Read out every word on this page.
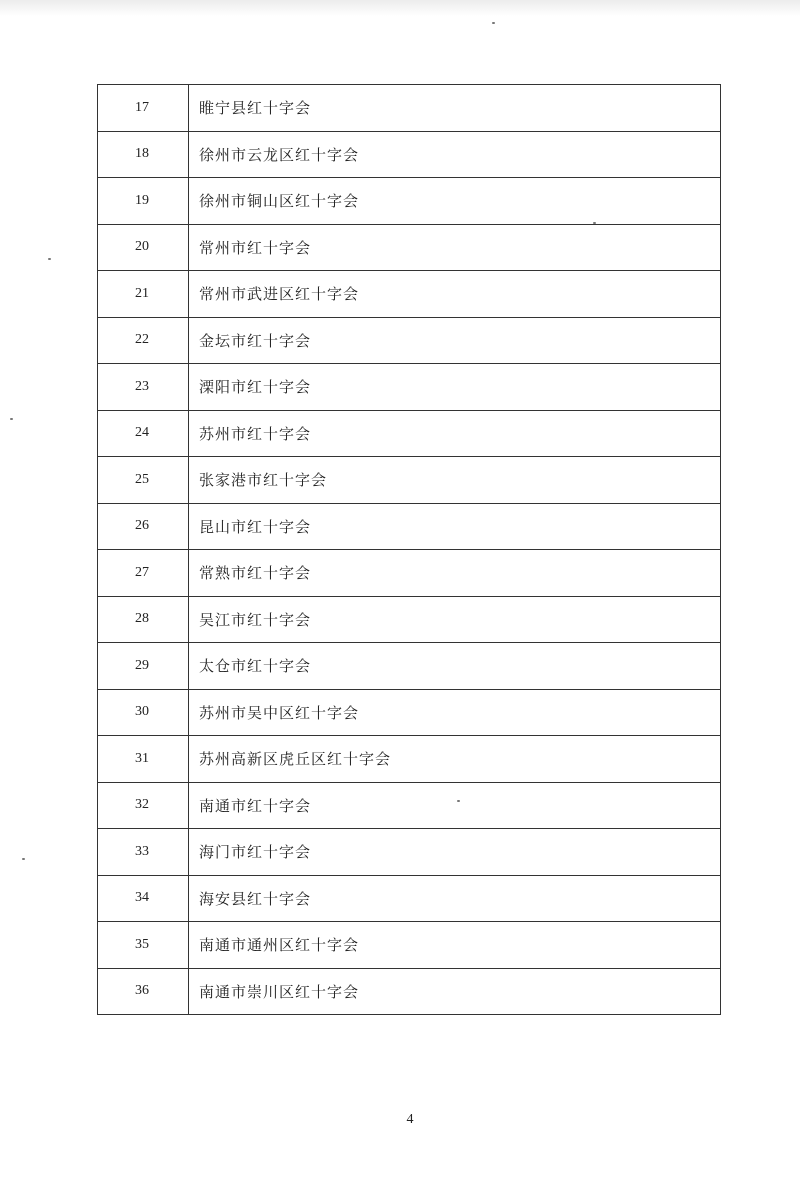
17	睢宁县红十字会
18	徐州市云龙区红十字会
19	徐州市铜山区红十字会
20	常州市红十字会
21	常州市武进区红十字会
22	金坛市红十字会
23	溧阳市红十字会
24	苏州市红十字会
25	张家港市红十字会
26	昆山市红十字会
27	常熟市红十字会
28	吴江市红十字会
29	太仓市红十字会
30	苏州市吴中区红十字会
31	苏州高新区虎丘区红十字会
32	南通市红十字会
33	海门市红十字会
34	海安县红十字会
35	南通市通州区红十字会
36	南通市崇川区红十字会
4
